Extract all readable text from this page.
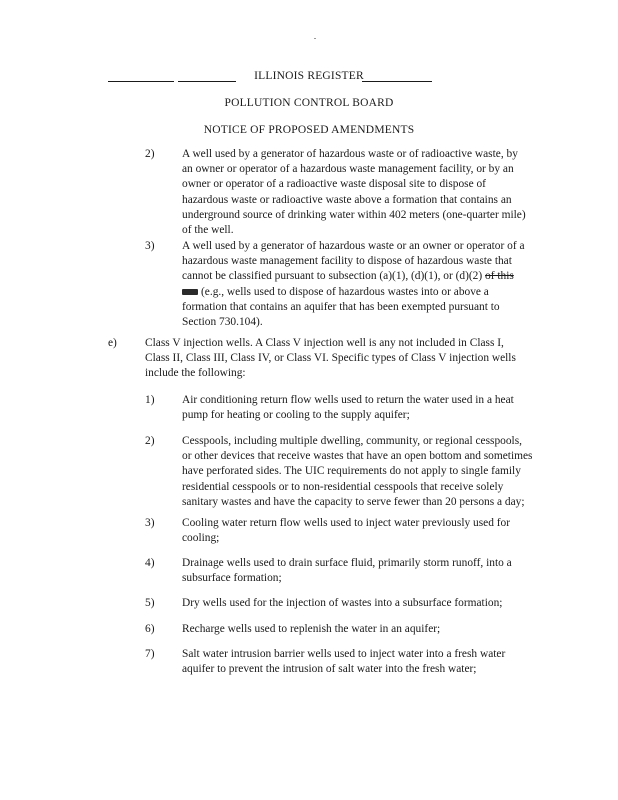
ILLINOIS REGISTER
POLLUTION CONTROL BOARD
NOTICE OF PROPOSED AMENDMENTS
2) A well used by a generator of hazardous waste or of radioactive waste, by
an owner or operator of a hazardous waste management facility, or by an
owner or operator of a radioactive waste disposal site to dispose of
hazardous waste or radioactive waste above a formation that contains an
underground source of drinking water within 402 meters (one-quarter mile)
of the well.
3) A well used by a generator of hazardous waste or an owner or operator of a
hazardous waste management facility to dispose of hazardous waste that
cannot be classified pursuant to subsection (a)(1), (d)(1), or (d)(2) of this
(e.g., wells used to dispose of hazardous wastes into or above a
formation that contains an aquifer that has been exempted pursuant to
Section 730.104).
e) Class V injection wells. A Class V injection well is any not included in Class I,
Class II, Class III, Class IV, or Class VI. Specific types of Class V injection wells
include the following:
1) Air conditioning return flow wells used to return the water used in a heat
pump for heating or cooling to the supply aquifer;
2) Cesspools, including multiple dwelling, community, or regional cesspools,
or other devices that receive wastes that have an open bottom and sometimes
have perforated sides. The UIC requirements do not apply to single family
residential cesspools or to non-residential cesspools that receive solely
sanitary wastes and have the capacity to serve fewer than 20 persons a day;
3) Cooling water return flow wells used to inject water previously used for
cooling;
4) Drainage wells used to drain surface fluid, primarily storm runoff, into a
subsurface formation;
5) Dry wells used for the injection of wastes into a subsurface formation;
6) Recharge wells used to replenish the water in an aquifer;
7) Salt water intrusion barrier wells used to inject water into a fresh water
aquifer to prevent the intrusion of salt water into the fresh water;
